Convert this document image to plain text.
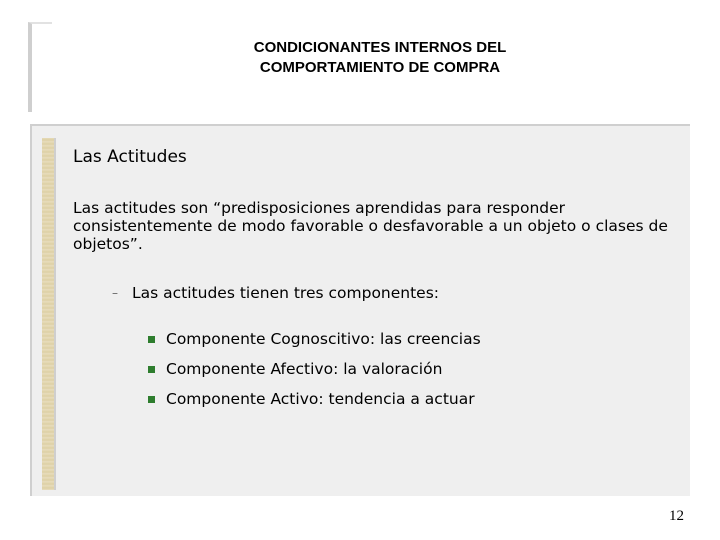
CONDICIONANTES INTERNOS DEL
COMPORTAMIENTO DE COMPRA
Las Actitudes
Las actitudes son “predisposiciones aprendidas para responder consistentemente de modo favorable o desfavorable a un objeto o clases de objetos”.
– Las actitudes tienen tres componentes:
Componente Cognoscitivo: las creencias
Componente Afectivo: la valoración
Componente Activo: tendencia a actuar
12
